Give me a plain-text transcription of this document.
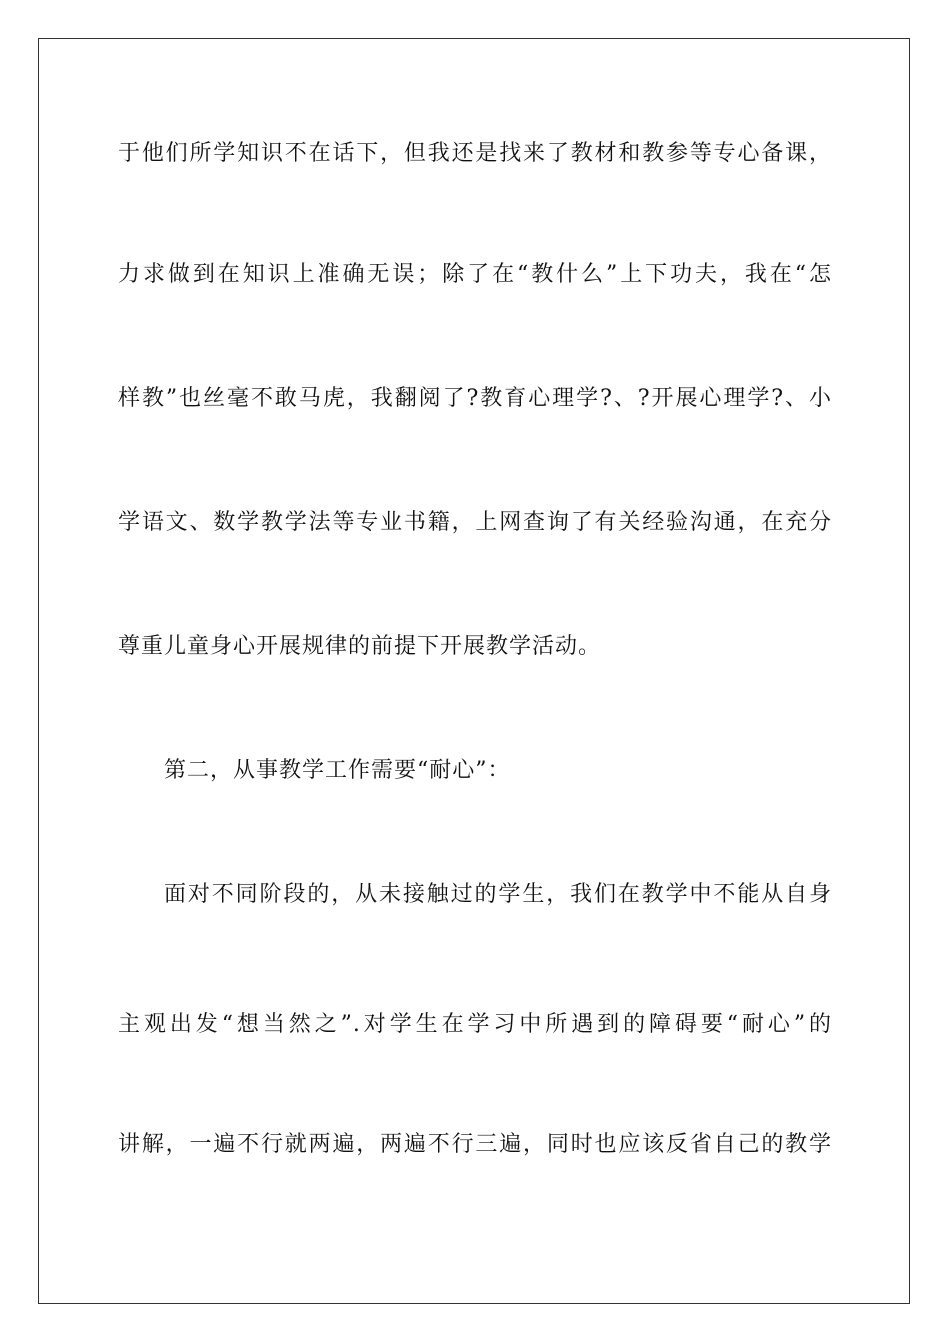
于他们所学知识不在话下，但我还是找来了教材和教参等专心备课，
力求做到在知识上准确无误；除了在“教什么”上下功夫，我在“怎
样教”也丝毫不敢马虎，我翻阅了?教育心理学?、?开展心理学?、小
学语文、数学教学法等专业书籍，上网查询了有关经验沟通，在充分
尊重儿童身心开展规律的前提下开展教学活动。
第二，从事教学工作需要“耐心”：
面对不同阶段的，从未接触过的学生，我们在教学中不能从自身
主观出发“想当然之”.对学生在学习中所遇到的障碍要“耐心”的
讲解，一遍不行就两遍，两遍不行三遍，同时也应该反省自己的教学
